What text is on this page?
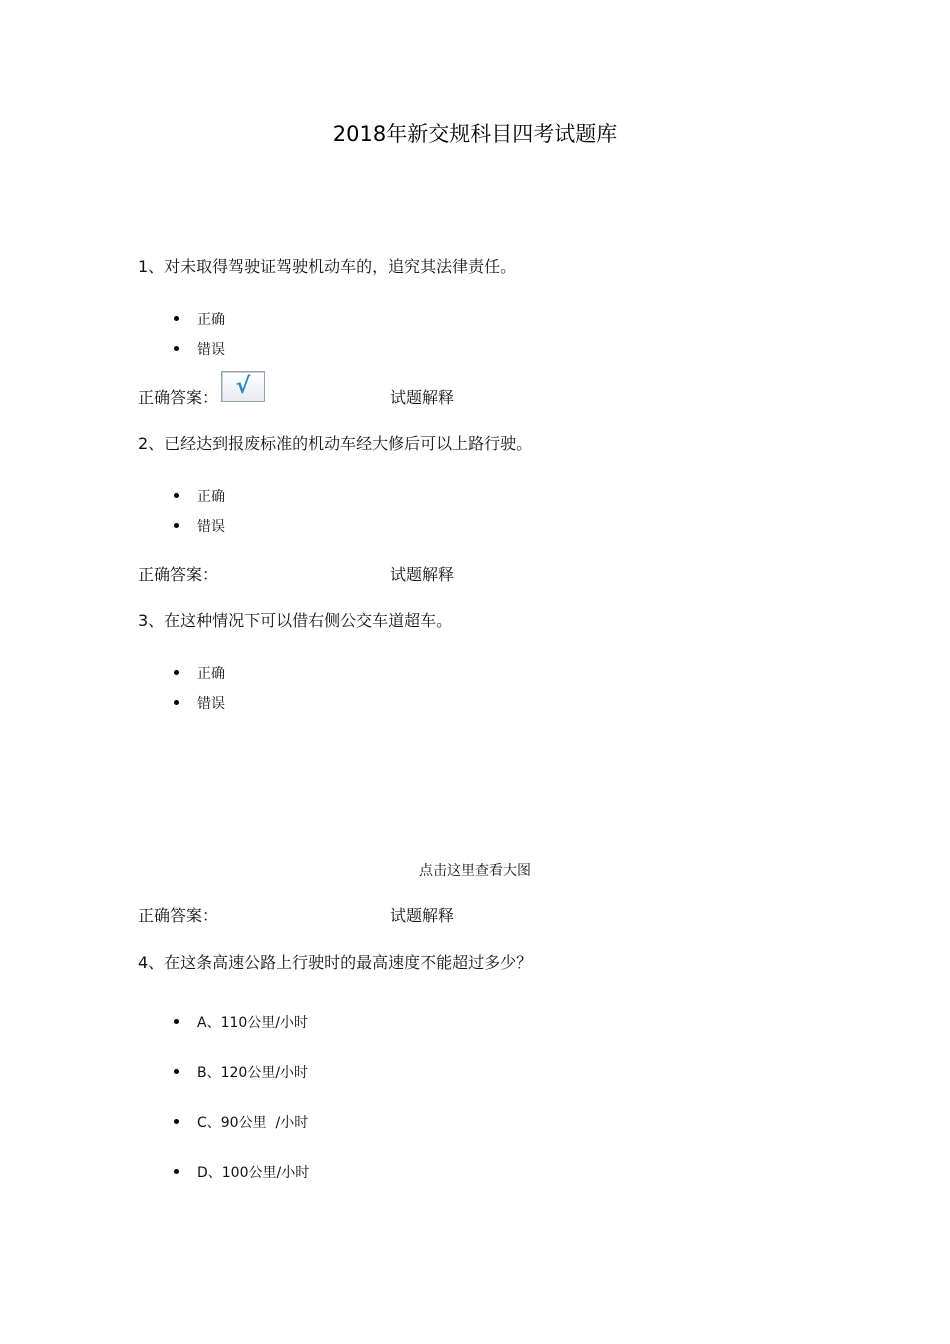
2018年新交规科目四考试题库
1、对未取得驾驶证驾驶机动车的，追究其法律责任。
正确
错误
正确答案： √	试题解释
2、已经达到报废标准的机动车经大修后可以上路行驶。
正确
错误
正确答案：	试题解释
3、在这种情况下可以借右侧公交车道超车。
正确
错误
点击这里查看大图
正确答案：	试题解释
4、在这条高速公路上行驶时的最高速度不能超过多少？
A、110公里/小时
B、120公里/小时
C、90公里  /小时
D、100公里/小时
